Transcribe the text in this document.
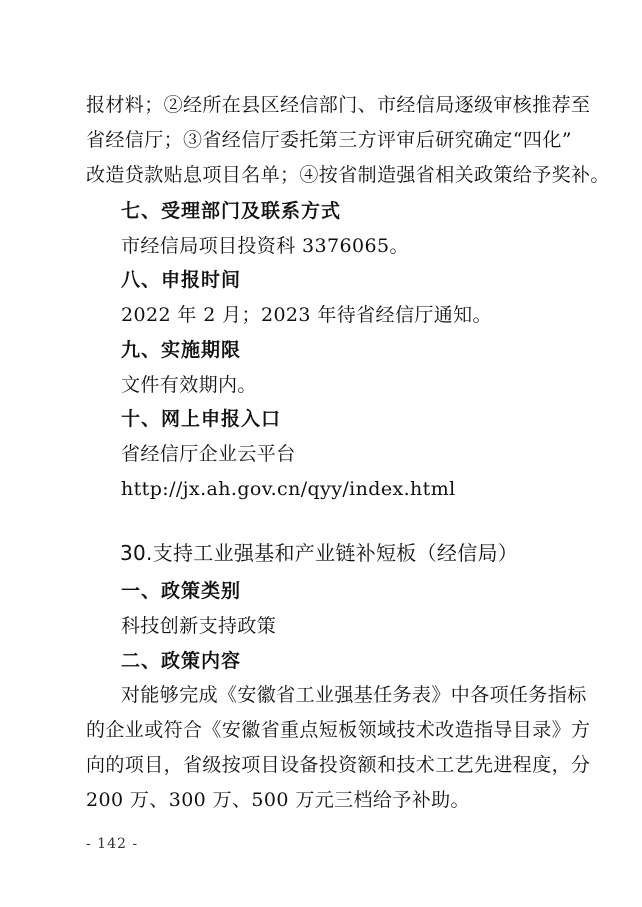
报材料；②经所在县区经信部门、市经信局逐级审核推荐至
省经信厅；③省经信厅委托第三方评审后研究确定“四化”
改造贷款贴息项目名单；④按省制造强省相关政策给予奖补。
七、受理部门及联系方式
市经信局项目投资科 3376065。
八、申报时间
2022 年 2 月；2023 年待省经信厅通知。
九、实施期限
文件有效期内。
十、网上申报入口
省经信厅企业云平台
http://jx.ah.gov.cn/qyy/index.html
30.支持工业强基和产业链补短板（经信局）
一、政策类别
科技创新支持政策
二、政策内容
对能够完成《安徽省工业强基任务表》中各项任务指标
的企业或符合《安徽省重点短板领域技术改造指导目录》方
向的项目，省级按项目设备投资额和技术工艺先进程度，分
200 万、300 万、500 万元三档给予补助。
- 142 -
